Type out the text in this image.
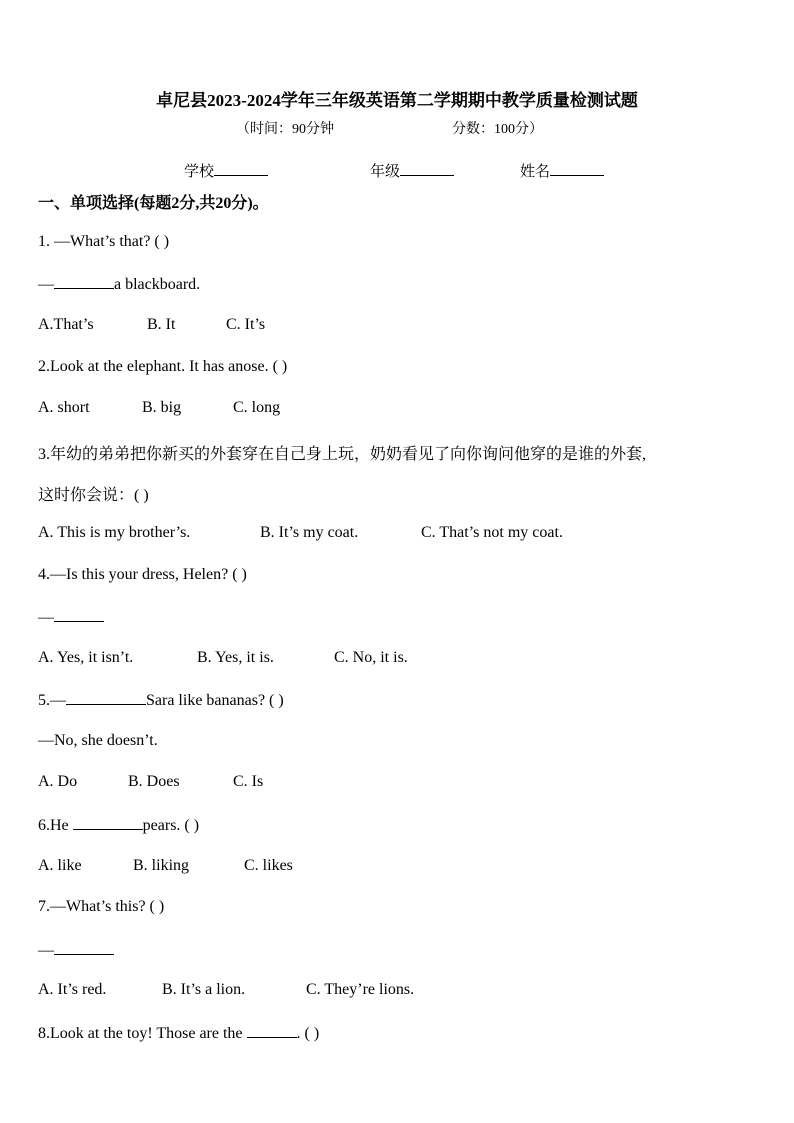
卓尼县2023-2024学年三年级英语第二学期期中教学质量检测试题
（时间：90分钟	分数：100分）
学校	年级	姓名
一、单项选择(每题2分,共20分)。
1. —What’s that? ( )
—	a blackboard.
A.That’s	B. It	C. It’s
2.Look at the elephant. It has anose. ( )
A. short	B. big	C. long
3.年幼的弟弟把你新买的外套穿在自己身上玩，奶奶看见了向你询问他穿的是谁的外套,
这时你会说：( )
A. This is my brother’s.	B. It’s my coat.	C. That’s not my coat.
4.—Is this your dress, Helen? ( )
—
A. Yes, it isn’t.	B. Yes, it is.	C. No, it is.
5.—	Sara like bananas? ( )
—No, she doesn’t.
A. Do	B. Does	C. Is
6.He	pears. ( )
A. like	B. liking	C. likes
7.—What’s this? ( )
—
A. It’s red.	B. It’s a lion.	C. They’re lions.
8.Look at the toy! Those are the	. ( )
